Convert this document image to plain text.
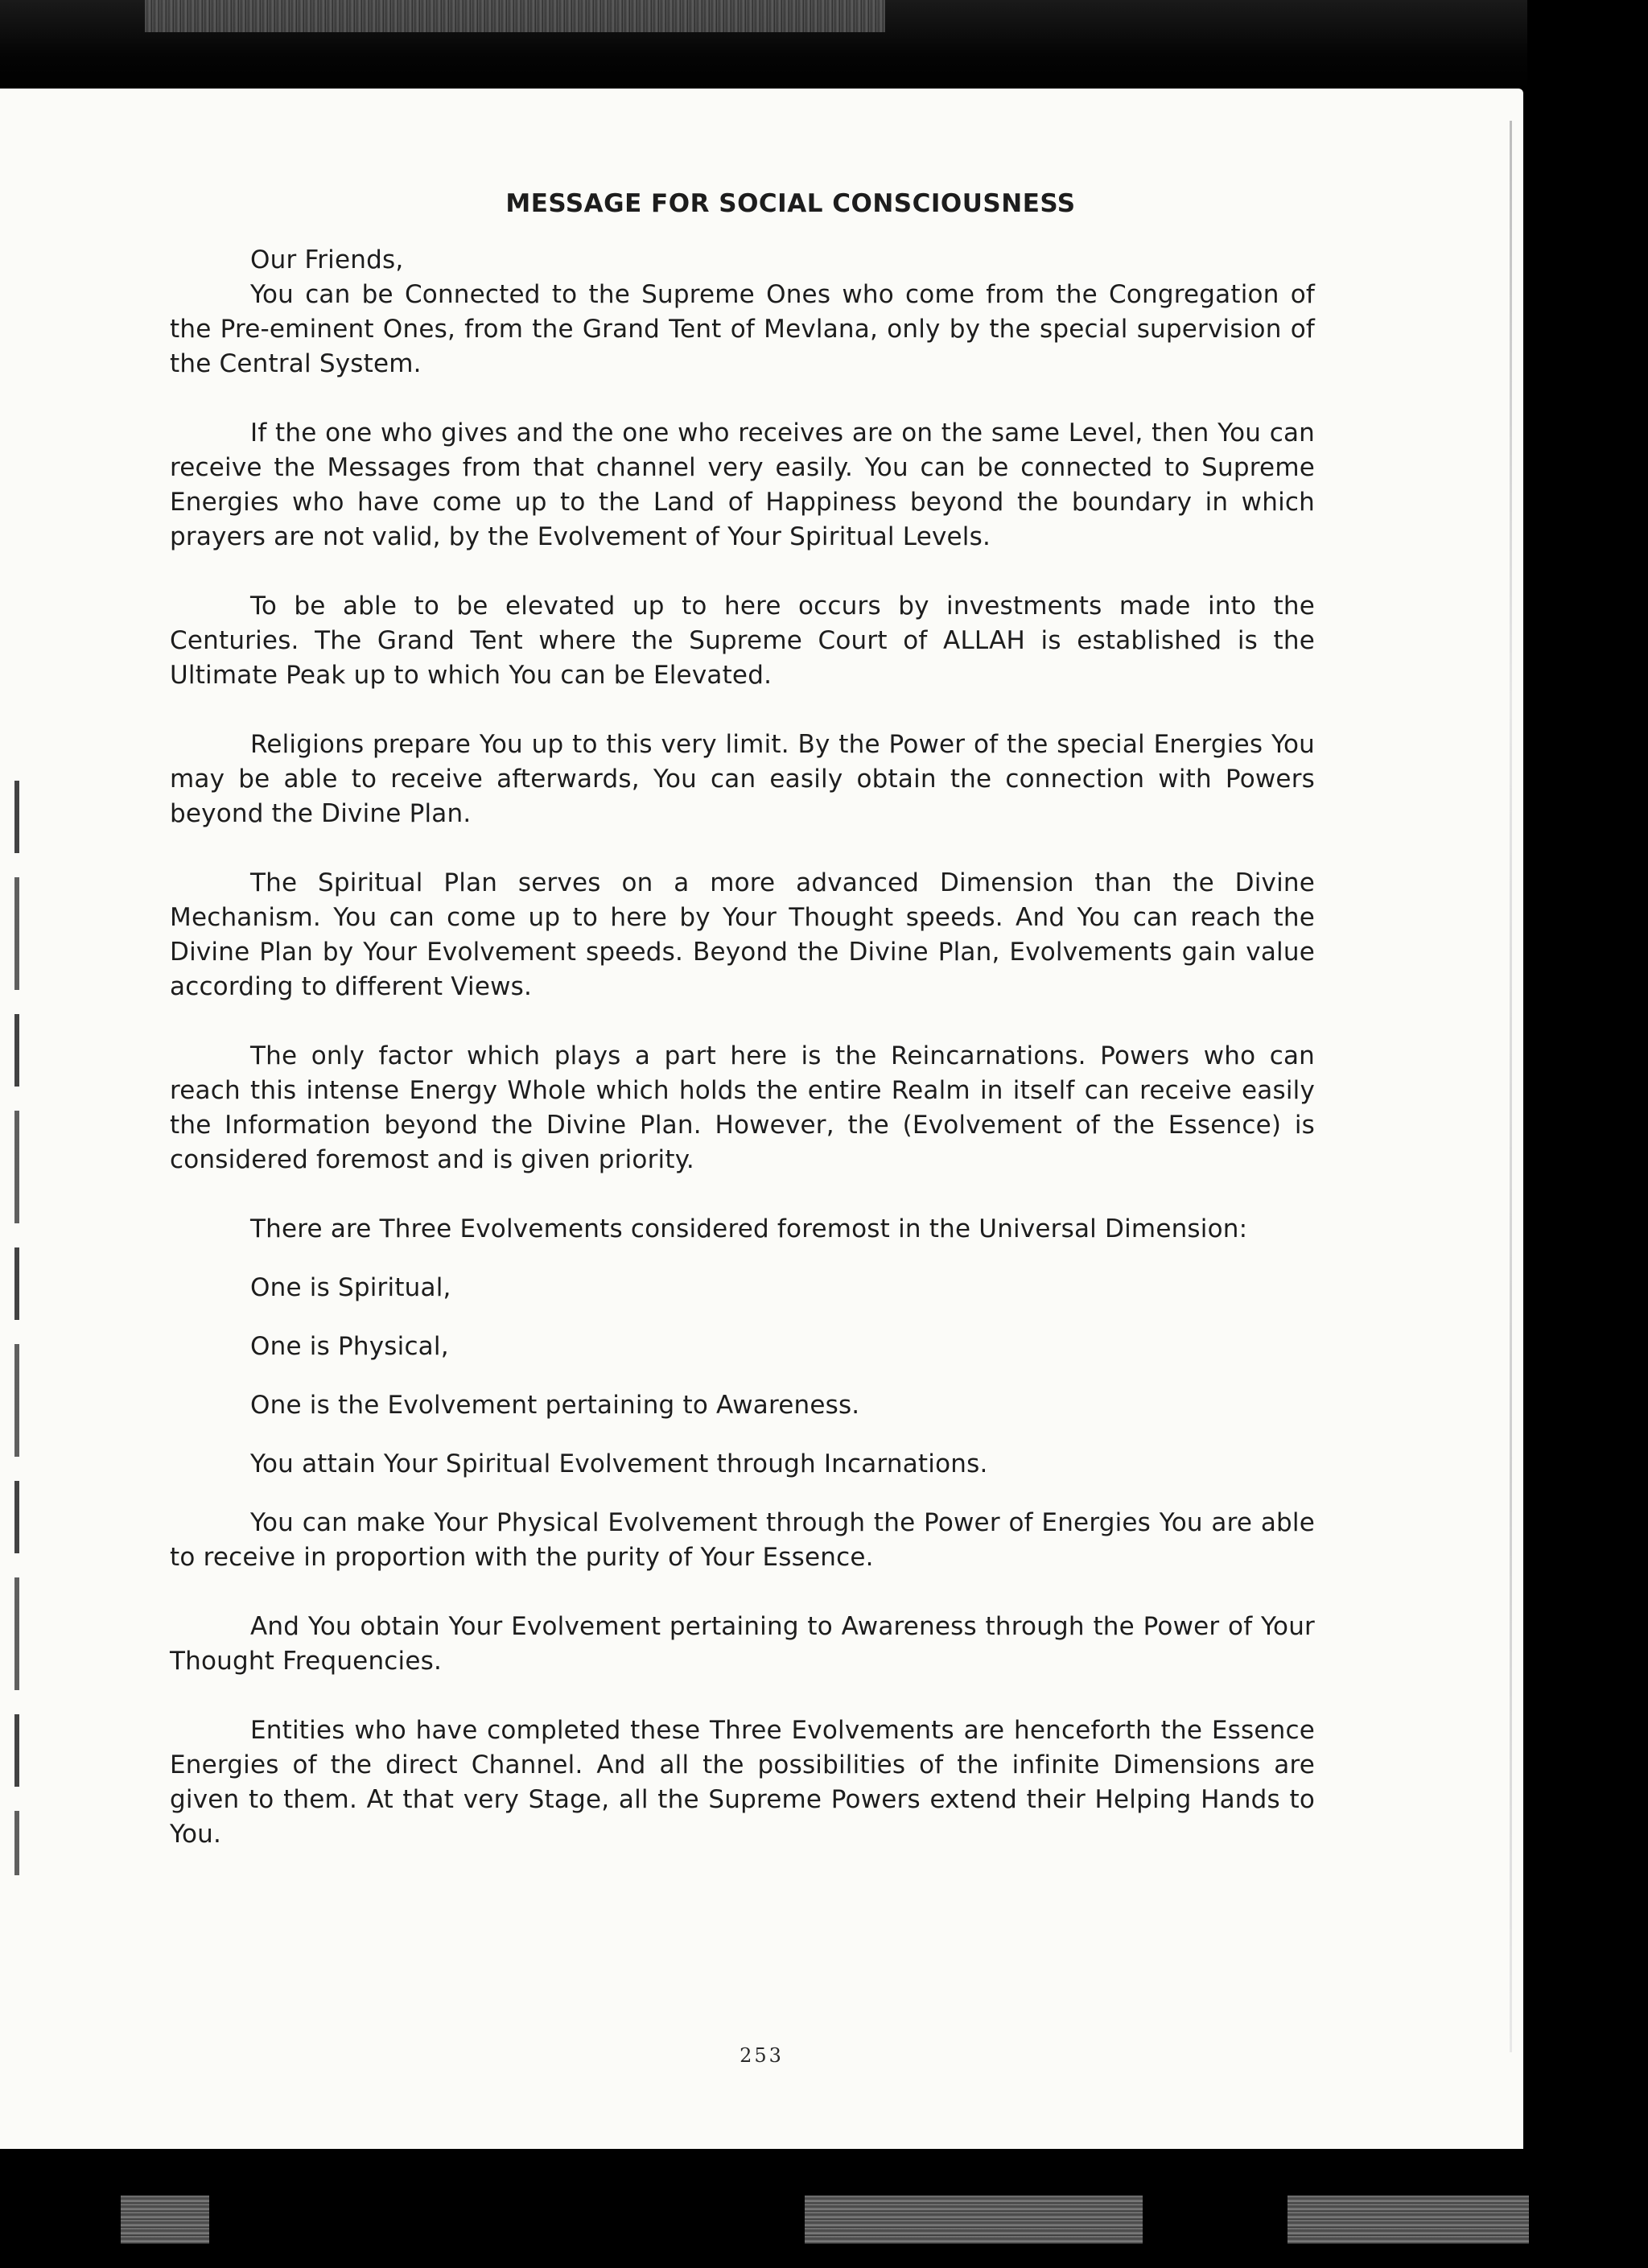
MESSAGE FOR SOCIAL CONSCIOUSNESS

Our Friends,

You can be Connected to the Supreme Ones who come from the Congregation of the Pre-eminent Ones, from the Grand Tent of Mevlana, only by the special supervision of the Central System.

If the one who gives and the one who receives are on the same Level, then You can receive the Messages from that channel very easily. You can be connected to Supreme Energies who have come up to the Land of Happiness beyond the boundary in which prayers are not valid, by the Evolvement of Your Spiritual Levels.

To be able to be elevated up to here occurs by investments made into the Centuries. The Grand Tent where the Supreme Court of ALLAH is established is the Ultimate Peak up to which You can be Elevated.

Religions prepare You up to this very limit. By the Power of the special Energies You may be able to receive afterwards, You can easily obtain the connection with Powers beyond the Divine Plan.

The Spiritual Plan serves on a more advanced Dimension than the Divine Mechanism. You can come up to here by Your Thought speeds. And You can reach the Divine Plan by Your Evolvement speeds. Beyond the Divine Plan, Evolvements gain value according to different Views.

The only factor which plays a part here is the Reincarnations. Powers who can reach this intense Energy Whole which holds the entire Realm in itself can receive easily the Information beyond the Divine Plan. However, the (Evolvement of the Essence) is considered foremost and is given priority.

There are Three Evolvements considered foremost in the Universal Dimension:

One is Spiritual,

One is Physical,

One is the Evolvement pertaining to Awareness.

You attain Your Spiritual Evolvement through Incarnations.

You can make Your Physical Evolvement through the Power of Energies You are able to receive in proportion with the purity of Your Essence.

And You obtain Your Evolvement pertaining to Awareness through the Power of Your Thought Frequencies.

Entities who have completed these Three Evolvements are henceforth the Essence Energies of the direct Channel. And all the possibilities of the infinite Dimensions are given to them. At that very Stage, all the Supreme Powers extend their Helping Hands to You.

253
